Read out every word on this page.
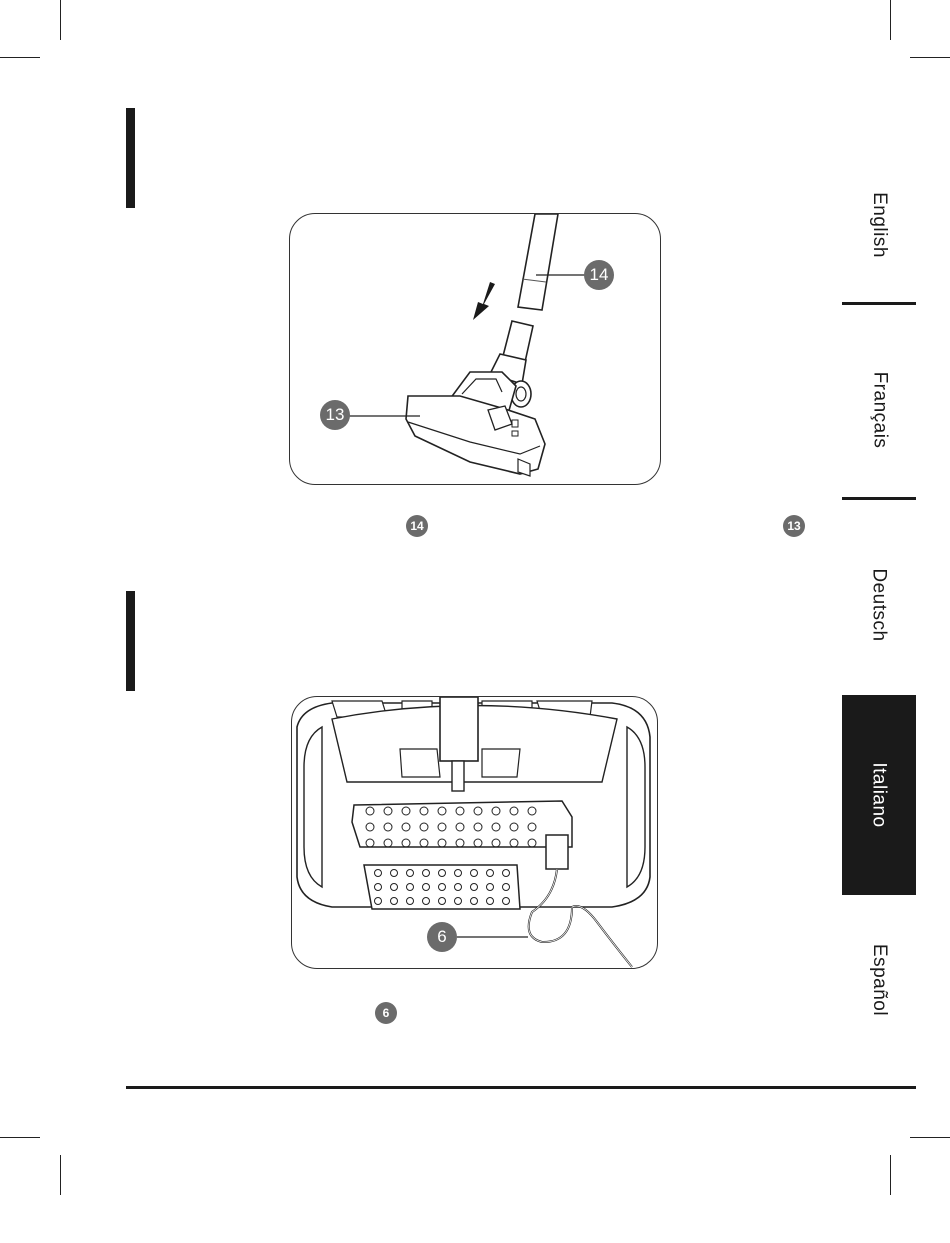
14
13
14	13
6
6
English
Français
Deutsch
Italiano
Español
